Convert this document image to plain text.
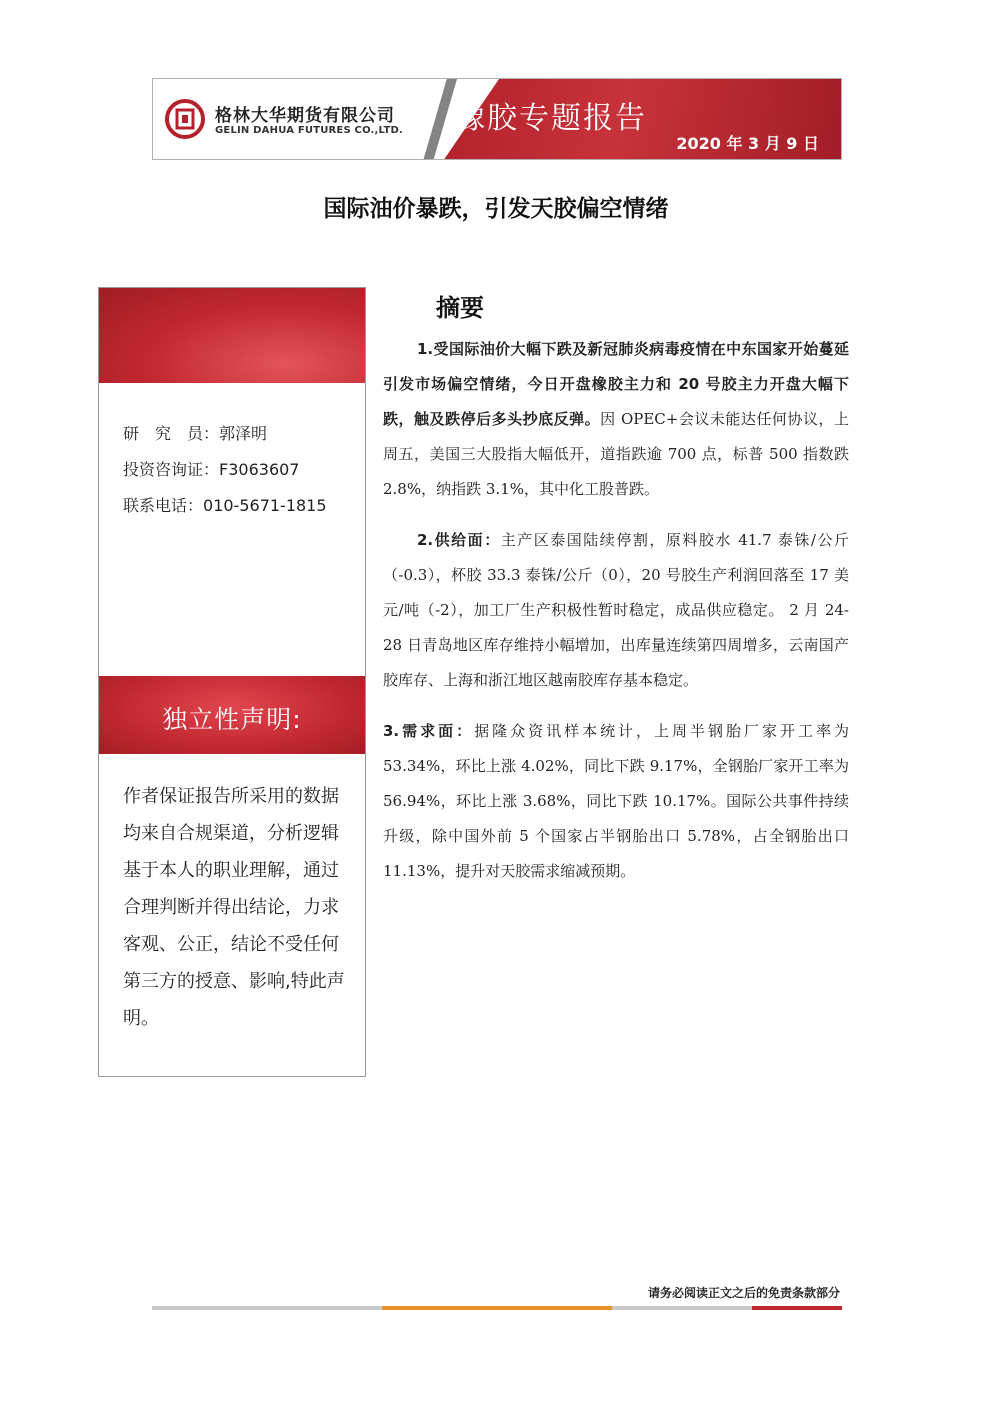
格林大华期货有限公司
GELIN DAHUA FUTURES CO.,LTD. 橡胶专题报告
2020 年 3 月 9 日
国际油价暴跌，引发天胶偏空情绪
研　究　员：郭泽明
投资咨询证：F3063607
联系电话：010-5671-1815
独立性声明:
作者保证报告所采用的数据均来自合规渠道，分析逻辑基于本人的职业理解，通过合理判断并得出结论，力求客观、公正，结论不受任何第三方的授意、影响,特此声明。
摘要

1.受国际油价大幅下跌及新冠肺炎病毒疫情在中东国家开始蔓延引发市场偏空情绪，今日开盘橡胶主力和 20 号胶主力开盘大幅下跌，触及跌停后多头抄底反弹。因 OPEC+会议未能达任何协议，上周五，美国三大股指大幅低开，道指跌逾 700 点，标普 500 指数跌 2.8%，纳指跌 3.1%，其中化工股普跌。

2.供给面：主产区泰国陆续停割，原料胶水 41.7 泰铢/公斤（-0.3），杯胶 33.3 泰铢/公斤（0），20 号胶生产利润回落至 17 美元/吨（-2），加工厂生产积极性暂时稳定，成品供应稳定。 2 月 24-28 日青岛地区库存维持小幅增加，出库量连续第四周增多，云南国产胶库存、上海和浙江地区越南胶库存基本稳定。

3.需求面：据隆众资讯样本统计，上周半钢胎厂家开工率为 53.34%，环比上涨 4.02%，同比下跌 9.17%，全钢胎厂家开工率为 56.94%，环比上涨 3.68%，同比下跌 10.17%。国际公共事件持续升级，除中国外前 5 个国家占半钢胎出口 5.78%，占全钢胎出口 11.13%，提升对天胶需求缩减预期。

请务必阅读正文之后的免责条款部分
